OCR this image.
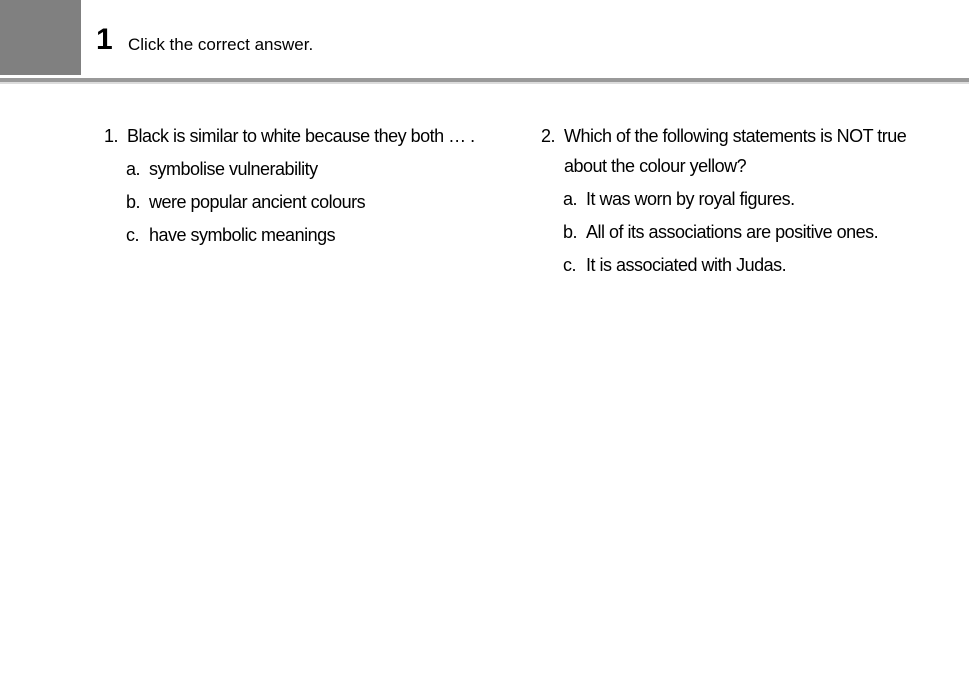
1 Click the correct answer.
1. Black is similar to white because they both … .
a. symbolise vulnerability
b. were popular ancient colours
c. have symbolic meanings
2. Which of the following statements is NOT true about the colour yellow?
a. It was worn by royal figures.
b. All of its associations are positive ones.
c. It is associated with Judas.
